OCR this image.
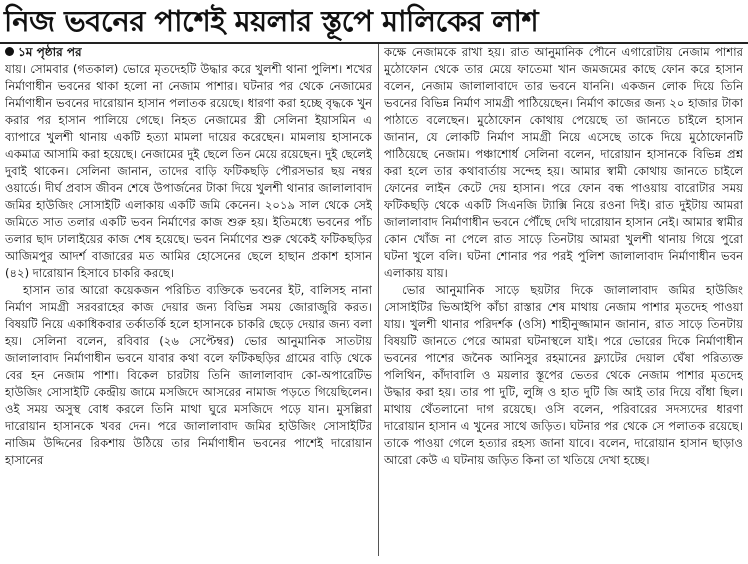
নিজ ভবনের পাশেই ময়লার স্তূপে মালিকের লাশ
১ম পৃষ্ঠার পর

যায়। সোমবার (গতকাল) ভোরে মৃতদেহটি উদ্ধার করে খুলশী থানা পুলিশ। শখের নির্মাণাধীন ভবনের থাকা হলো না নেজাম পাশার। ঘটনার পর থেকে নেজামের নির্মাণাধীন ভবনের দারোয়ান হাসান পলাতক রয়েছে। ধারণা করা হচ্ছে বৃদ্ধকে খুন করার পর হাসান পালিয়ে গেছে। নিহত নেজামের স্ত্রী সেলিনা ইয়াসমিন এ ব্যাপারে খুলশী থানায় একটি হত্যা মামলা দায়ের করেছেন। মামলায় হাসানকে একমাত্র আসামি করা হয়েছে। নেজামের দুই ছেলে তিন মেয়ে রয়েছেন। দুই ছেলেই দুবাই থাকেন। সেলিনা জানান, তাদের বাড়ি ফটিকছড়ি পৌরসভার ছয় নম্বর ওয়ার্ডে। দীর্ঘ প্রবাস জীবন শেষে উপার্জনের টাকা দিয়ে খুলশী থানার জালালাবাদ জমির হাউজিং সোসাইটি এলাকায় একটি জমি কেনেন। ২০১৯ সাল থেকে সেই জমিতে সাত তলার একটি ভবন নির্মাণের কাজ শুরু হয়। ইতিমধ্যে ভবনের পাঁচ তলার ছাদ ঢালাইয়ের কাজ শেষ হয়েছে। ভবন নির্মাণের শুরু থেকেই ফটিকছড়ির আজিমপুর আদর্শ বাজারের মত আমির হোসেনের ছেলে হাছান প্রকাশ হাসান (৪২) দারোয়ান হিসাবে চাকরি করছে।

হাসান তার আরো কয়েকজন পরিচিত ব্যক্তিকে ভবনের ইট, বালিসহ নানা নির্মাণ সামগ্রী সরবরাহের কাজ দেয়ার জন্য বিভিন্ন সময় জোরাজুরি করত। বিষয়টি নিয়ে একাধিকবার তর্কাতর্কি হলে হাসানকে চাকরি ছেড়ে দেয়ার জন্য বলা হয়। সেলিনা বলেন, রবিবার (২৬ সেপ্টেম্বর) ভোর আনুমানিক সাতটায় জালালাবাদ নির্মাণাধীন ভবনে যাবার কথা বলে ফটিকছড়ির গ্রামের বাড়ি থেকে বের হন নেজাম পাশা। বিকেল চারটায় তিনি জালালাবাদ কো-অপারেটিভ হাউজিং সোসাইটি কেন্দ্রীয় জামে মসজিদে আসরের নামাজ পড়তে গিয়েছিলেন। ওই সময় অসুস্থ বোধ করলে তিনি মাথা ঘুরে মসজিদে পড়ে যান। মুসল্লিরা দারোয়ান হাসানকে খবর দেন। পরে জালালাবাদ জমির হাউজিং সোসাইটির নাজিম উদ্দিনের রিকশায় উঠিয়ে তার নির্মাণাধীন ভবনের পাশেই দারোয়ান হাসানের

কক্ষে নেজামকে রাখা হয়। রাত আনুমানিক পৌনে এগারোটায় নেজাম পাশার মুঠোফোন থেকে তার মেয়ে ফাতেমা খান জমজমের কাছে ফোন করে হাসান বলেন, নেজাম জালালাবাদে তার ভবনে যাননি। একজন লোক দিয়ে তিনি ভবনের বিভিন্ন নির্মাণ সামগ্রী পাঠিয়েছেন। নির্মাণ কাজের জন্য ২০ হাজার টাকা পাঠাতে বলেছেন। মুঠোফোন কোথায় পেয়েছে তা জানতে চাইলে হাসান জানান, যে লোকটি নির্মাণ সামগ্রী নিয়ে এসেছে তাকে দিয়ে মুঠোফোনটি পাঠিয়েছে নেজাম। পঞ্চাশোর্ধ সেলিনা বলেন, দারোয়ান হাসানকে বিভিন্ন প্রশ্ন করা হলে তার কথাবার্তায় সন্দেহ হয়। আমার স্বামী কোথায় জানতে চাইলে ফোনের লাইন কেটে দেয় হাসান। পরে ফোন বন্ধ পাওয়ায় বারোটার সময় ফটিকছড়ি থেকে একটি সিএনজি ট্যাক্সি নিয়ে রওনা দিই। রাত দুইটায় আমরা জালালাবাদ নির্মাণাধীন ভবনে পৌঁছে দেখি দারোয়ান হাসান নেই। আমার স্বামীর কোন খোঁজ না পেলে রাত সাড়ে তিনটায় আমরা খুলশী থানায় গিয়ে পুরো ঘটনা খুলে বলি। ঘটনা শোনার পর পরই পুলিশ জালালাবাদ নির্মাণাধীন ভবন এলাকায় যায়।

ভোর আনুমানিক সাড়ে ছয়টার দিকে জালালাবাদ জমির হাউজিং সোসাইটির ভিআইপি কাঁচা রাস্তার শেষ মাথায় নেজাম পাশার মৃতদেহ পাওয়া যায়। খুলশী থানার পরিদর্শক (ওসি) শাহীনুজ্জামান জানান, রাত সাড়ে তিনটায় বিষয়টি জানতে পেরে আমরা ঘটনাস্থলে যাই। পরে ভোরের দিকে নির্মাণাধীন ভবনের পাশের জনৈক আনিসুর রহমানের ফ্ল্যাটের দেয়াল ঘেঁষা পরিত্যক্ত পলিথিন, কাঁদাবালি ও ময়লার স্তূপের ভেতর থেকে নেজাম পাশার মৃতদেহ উদ্ধার করা হয়। তার পা দুটি, লুঙ্গি ও হাত দুটি জি আই তার দিয়ে বাঁধা ছিল। মাথায় থেঁতলানো দাগ রয়েছে। ওসি বলেন, পরিবারের সদস্যদের ধারণা দারোয়ান হাসান এ খুনের সাথে জড়িত। ঘটনার পর থেকে সে পলাতক রয়েছে। তাকে পাওয়া গেলে হত্যার রহস্য জানা যাবে। বলেন, দারোয়ান হাসান ছাড়াও আরো কেউ এ ঘটনায় জড়িত কিনা তা খতিয়ে দেখা হচ্ছে।
